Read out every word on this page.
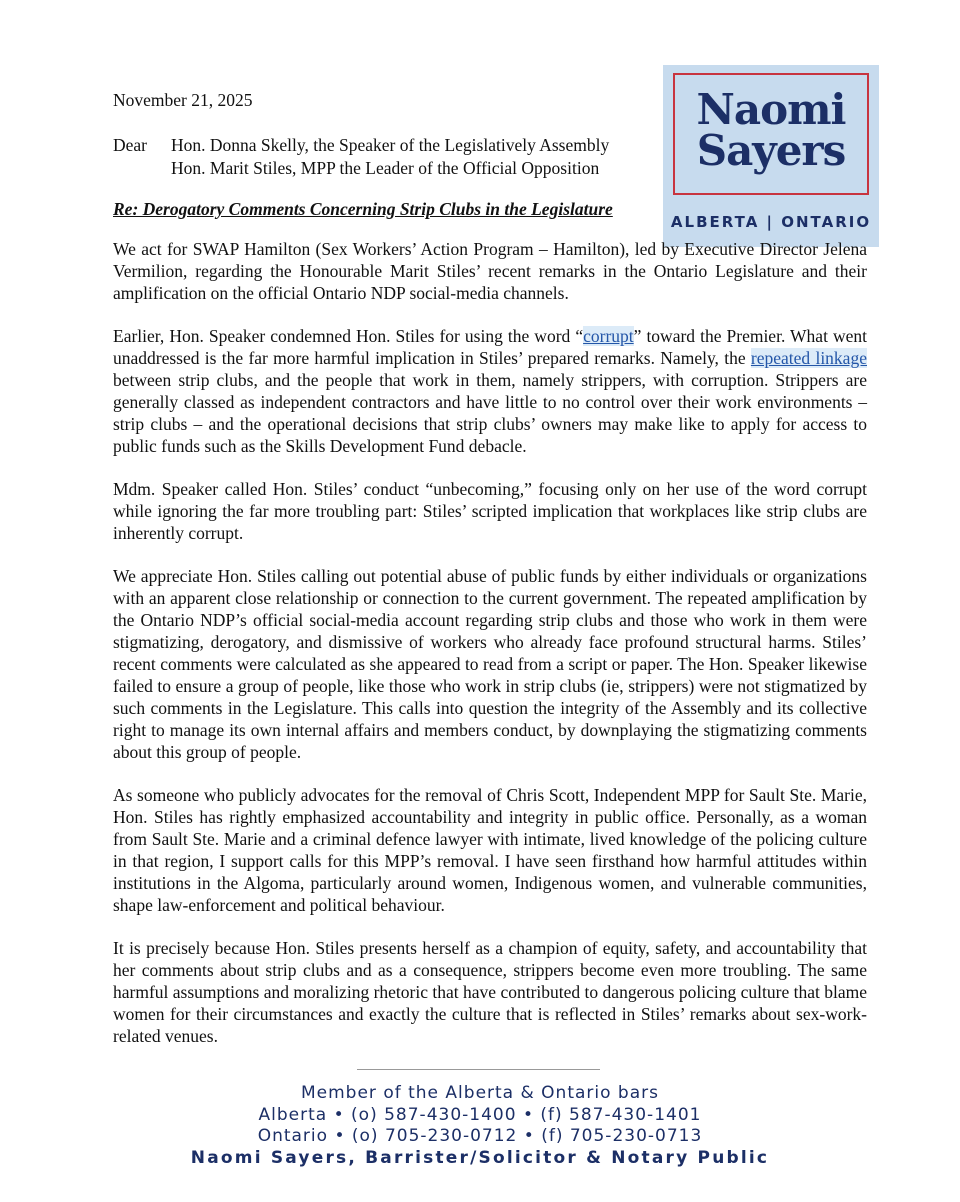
November 21, 2025
Dear Hon. Donna Skelly, the Speaker of the Legislatively Assembly
Hon. Marit Stiles, MPP the Leader of the Official Opposition
Re: Derogatory Comments Concerning Strip Clubs in the Legislature
Naomi
Sayers
ALBERTA | ONTARIO

We act for SWAP Hamilton (Sex Workers’ Action Program – Hamilton), led by Executive Director Jelena Vermilion, regarding the Honourable Marit Stiles’ recent remarks in the Ontario Legislature and their amplification on the official Ontario NDP social-media channels.

Earlier, Hon. Speaker condemned Hon. Stiles for using the word “corrupt” toward the Premier. What went unaddressed is the far more harmful implication in Stiles’ prepared remarks. Namely, the repeated linkage between strip clubs, and the people that work in them, namely strippers, with corruption. Strippers are generally classed as independent contractors and have little to no control over their work environments – strip clubs – and the operational decisions that strip clubs’ owners may make like to apply for access to public funds such as the Skills Development Fund debacle.

Mdm. Speaker called Hon. Stiles’ conduct “unbecoming,” focusing only on her use of the word corrupt while ignoring the far more troubling part: Stiles’ scripted implication that workplaces like strip clubs are inherently corrupt.

We appreciate Hon. Stiles calling out potential abuse of public funds by either individuals or organizations with an apparent close relationship or connection to the current government. The repeated amplification by the Ontario NDP’s official social-media account regarding strip clubs and those who work in them were stigmatizing, derogatory, and dismissive of workers who already face profound structural harms. Stiles’ recent comments were calculated as she appeared to read from a script or paper. The Hon. Speaker likewise failed to ensure a group of people, like those who work in strip clubs (ie, strippers) were not stigmatized by such comments in the Legislature. This calls into question the integrity of the Assembly and its collective right to manage its own internal affairs and members conduct, by downplaying the stigmatizing comments about this group of people.

As someone who publicly advocates for the removal of Chris Scott, Independent MPP for Sault Ste. Marie, Hon. Stiles has rightly emphasized accountability and integrity in public office. Personally, as a woman from Sault Ste. Marie and a criminal defence lawyer with intimate, lived knowledge of the policing culture in that region, I support calls for this MPP’s removal. I have seen firsthand how harmful attitudes within institutions in the Algoma, particularly around women, Indigenous women, and vulnerable communities, shape law-enforcement and political behaviour.

It is precisely because Hon. Stiles presents herself as a champion of equity, safety, and accountability that her comments about strip clubs and as a consequence, strippers become even more troubling. The same harmful assumptions and moralizing rhetoric that have contributed to dangerous policing culture that blame women for their circumstances and exactly the culture that is reflected in Stiles’ remarks about sex-work-related venues.

Member of the Alberta & Ontario bars
Alberta • (o) 587-430-1400 • (f) 587-430-1401
Ontario • (o) 705-230-0712 • (f) 705-230-0713
Naomi Sayers, Barrister/Solicitor & Notary Public
